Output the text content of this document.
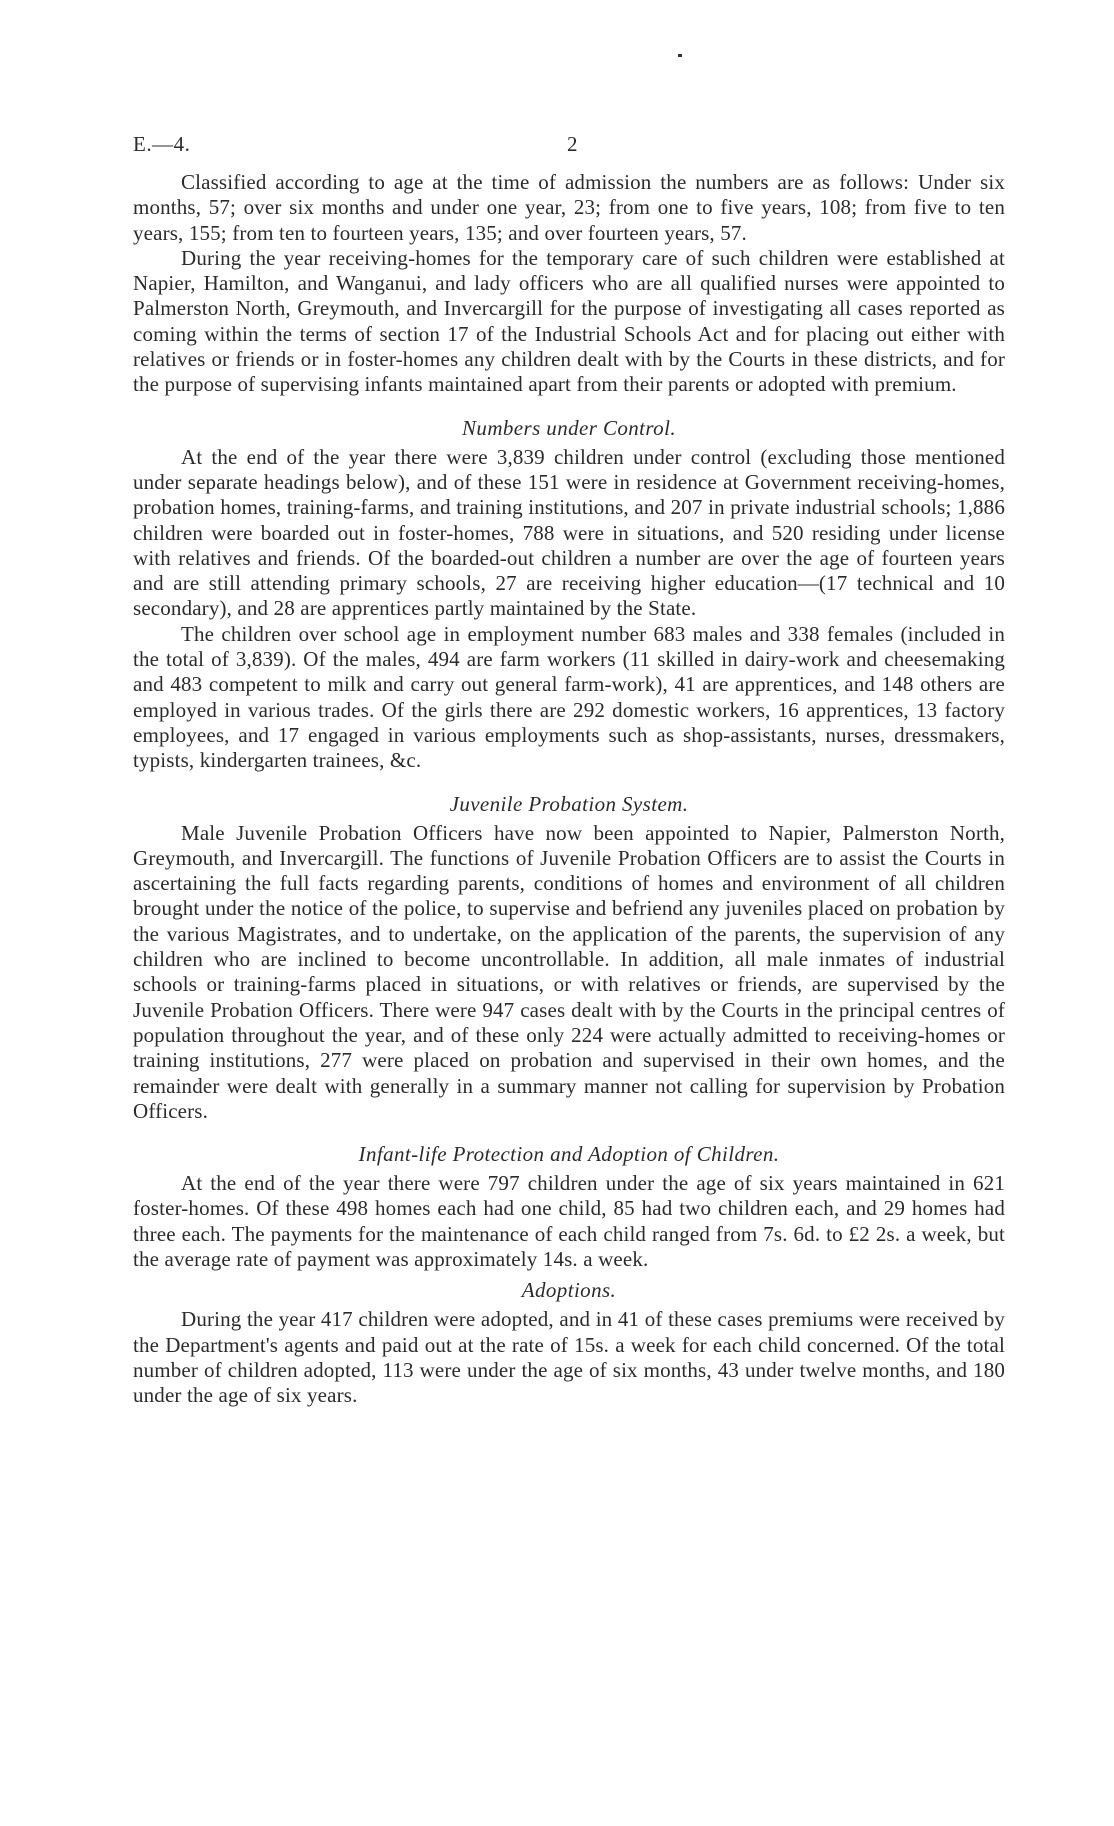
E.—4.	2

Classified according to age at the time of admission the numbers are as follows: Under six months, 57; over six months and under one year, 23; from one to five years, 108; from five to ten years, 155; from ten to fourteen years, 135; and over fourteen years, 57.

During the year receiving-homes for the temporary care of such children were established at Napier, Hamilton, and Wanganui, and lady officers who are all qualified nurses were appointed to Palmerston North, Greymouth, and Invercargill for the purpose of investigating all cases reported as coming within the terms of section 17 of the Industrial Schools Act and for placing out either with relatives or friends or in foster-homes any children dealt with by the Courts in these districts, and for the purpose of supervising infants maintained apart from their parents or adopted with premium.

Numbers under Control.

At the end of the year there were 3,839 children under control (excluding those mentioned under separate headings below), and of these 151 were in residence at Government receiving-homes, probation homes, training-farms, and training institutions, and 207 in private industrial schools; 1,886 children were boarded out in foster-homes, 788 were in situations, and 520 residing under license with relatives and friends. Of the boarded-out children a number are over the age of fourteen years and are still attending primary schools, 27 are receiving higher education—(17 technical and 10 secondary), and 28 are apprentices partly maintained by the State.

The children over school age in employment number 683 males and 338 females (included in the total of 3,839). Of the males, 494 are farm workers (11 skilled in dairy-work and cheesemaking and 483 competent to milk and carry out general farm-work), 41 are apprentices, and 148 others are employed in various trades. Of the girls there are 292 domestic workers, 16 apprentices, 13 factory employees, and 17 engaged in various employments such as shop-assistants, nurses, dressmakers, typists, kindergarten trainees, &c.

Juvenile Probation System.

Male Juvenile Probation Officers have now been appointed to Napier, Palmerston North, Greymouth, and Invercargill. The functions of Juvenile Probation Officers are to assist the Courts in ascertaining the full facts regarding parents, conditions of homes and environment of all children brought under the notice of the police, to supervise and befriend any juveniles placed on probation by the various Magistrates, and to undertake, on the application of the parents, the supervision of any children who are inclined to become uncontrollable. In addition, all male inmates of industrial schools or training-farms placed in situations, or with relatives or friends, are supervised by the Juvenile Probation Officers. There were 947 cases dealt with by the Courts in the principal centres of population throughout the year, and of these only 224 were actually admitted to receiving-homes or training institutions, 277 were placed on probation and supervised in their own homes, and the remainder were dealt with generally in a summary manner not calling for supervision by Probation Officers.

Infant-life Protection and Adoption of Children.

At the end of the year there were 797 children under the age of six years maintained in 621 foster-homes. Of these 498 homes each had one child, 85 had two children each, and 29 homes had three each. The payments for the maintenance of each child ranged from 7s. 6d. to £2 2s. a week, but the average rate of payment was approximately 14s. a week.

Adoptions.

During the year 417 children were adopted, and in 41 of these cases premiums were received by the Department's agents and paid out at the rate of 15s. a week for each child concerned. Of the total number of children adopted, 113 were under the age of six months, 43 under twelve months, and 180 under the age of six years.
